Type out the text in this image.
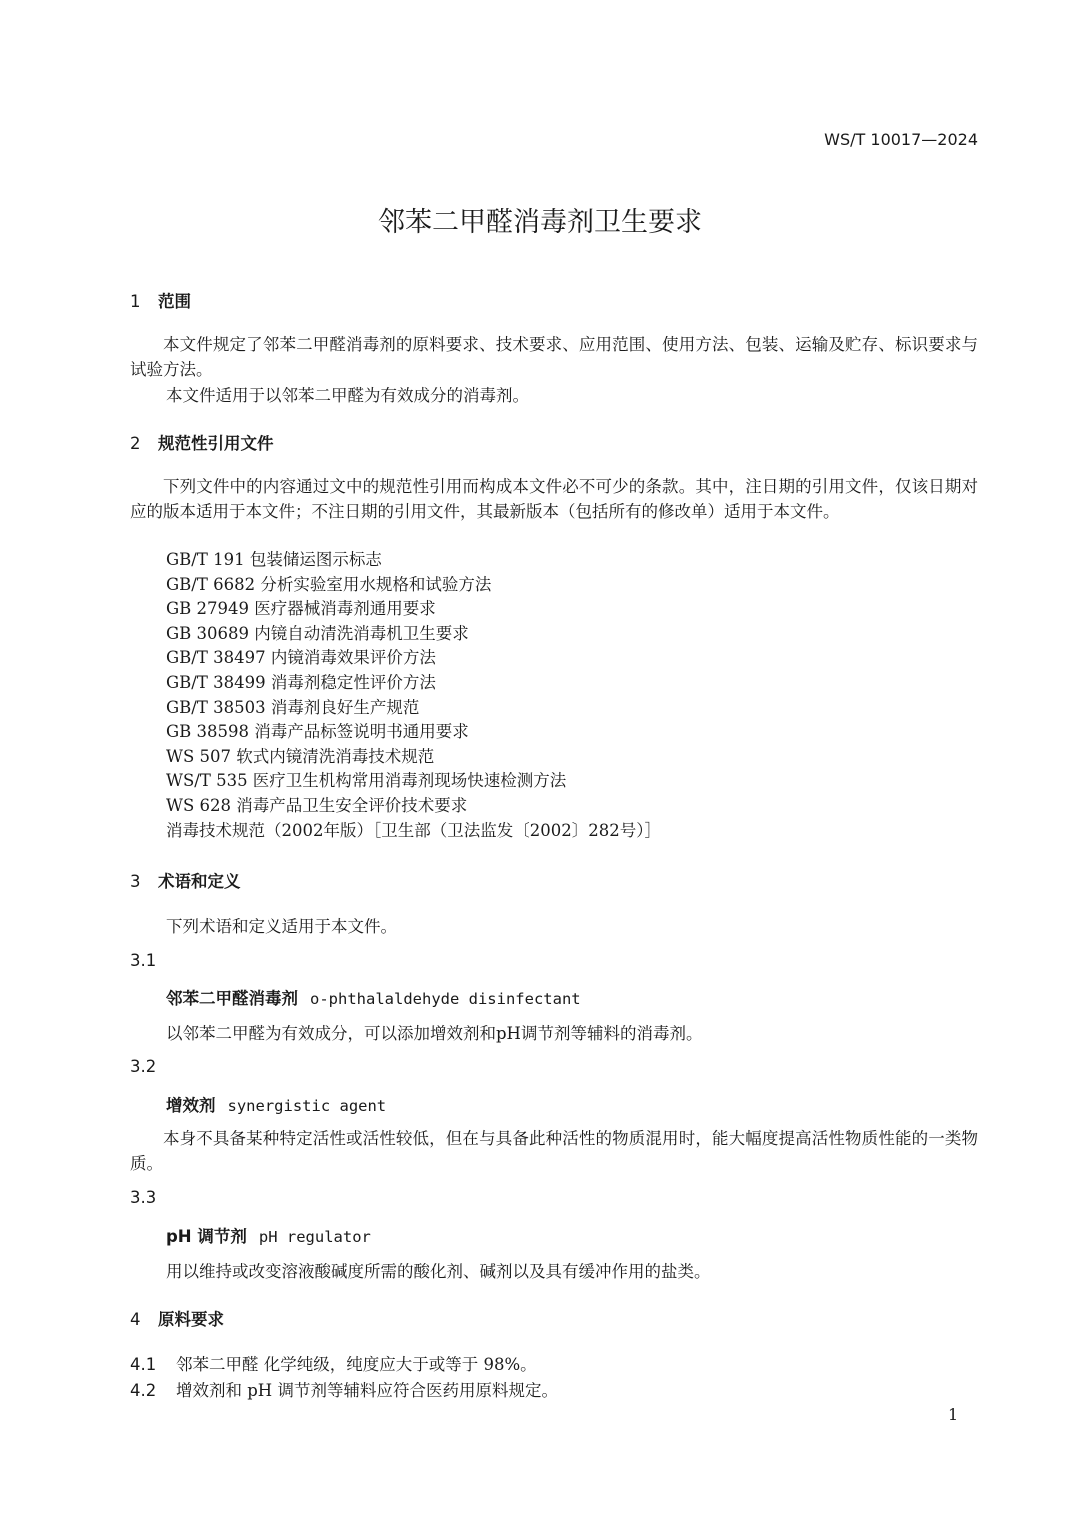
WS/T 10017—2024
邻苯二甲醛消毒剂卫生要求
1 范围
本文件规定了邻苯二甲醛消毒剂的原料要求、技术要求、应用范围、使用方法、包装、运输及贮存、标识要求与试验方法。
本文件适用于以邻苯二甲醛为有效成分的消毒剂。
2 规范性引用文件
下列文件中的内容通过文中的规范性引用而构成本文件必不可少的条款。其中，注日期的引用文件，仅该日期对应的版本适用于本文件；不注日期的引用文件，其最新版本（包括所有的修改单）适用于本文件。
GB/T 191 包装储运图示标志
GB/T 6682 分析实验室用水规格和试验方法
GB 27949 医疗器械消毒剂通用要求
GB 30689 内镜自动清洗消毒机卫生要求
GB/T 38497 内镜消毒效果评价方法
GB/T 38499 消毒剂稳定性评价方法
GB/T 38503 消毒剂良好生产规范
GB 38598 消毒产品标签说明书通用要求
WS 507 软式内镜清洗消毒技术规范
WS/T 535 医疗卫生机构常用消毒剂现场快速检测方法
WS 628 消毒产品卫生安全评价技术要求
消毒技术规范（2002年版）［卫生部（卫法监发〔2002〕282号）］
3 术语和定义
下列术语和定义适用于本文件。
3.1
邻苯二甲醛消毒剂 o-phthalaldehyde disinfectant
以邻苯二甲醛为有效成分，可以添加增效剂和pH调节剂等辅料的消毒剂。
3.2
增效剂 synergistic agent
本身不具备某种特定活性或活性较低，但在与具备此种活性的物质混用时，能大幅度提高活性物质性能的一类物质。
3.3
pH 调节剂 pH regulator
用以维持或改变溶液酸碱度所需的酸化剂、碱剂以及具有缓冲作用的盐类。
4 原料要求
4.1 邻苯二甲醛 化学纯级，纯度应大于或等于 98%。
4.2 增效剂和 pH 调节剂等辅料应符合医药用原料规定。
1
